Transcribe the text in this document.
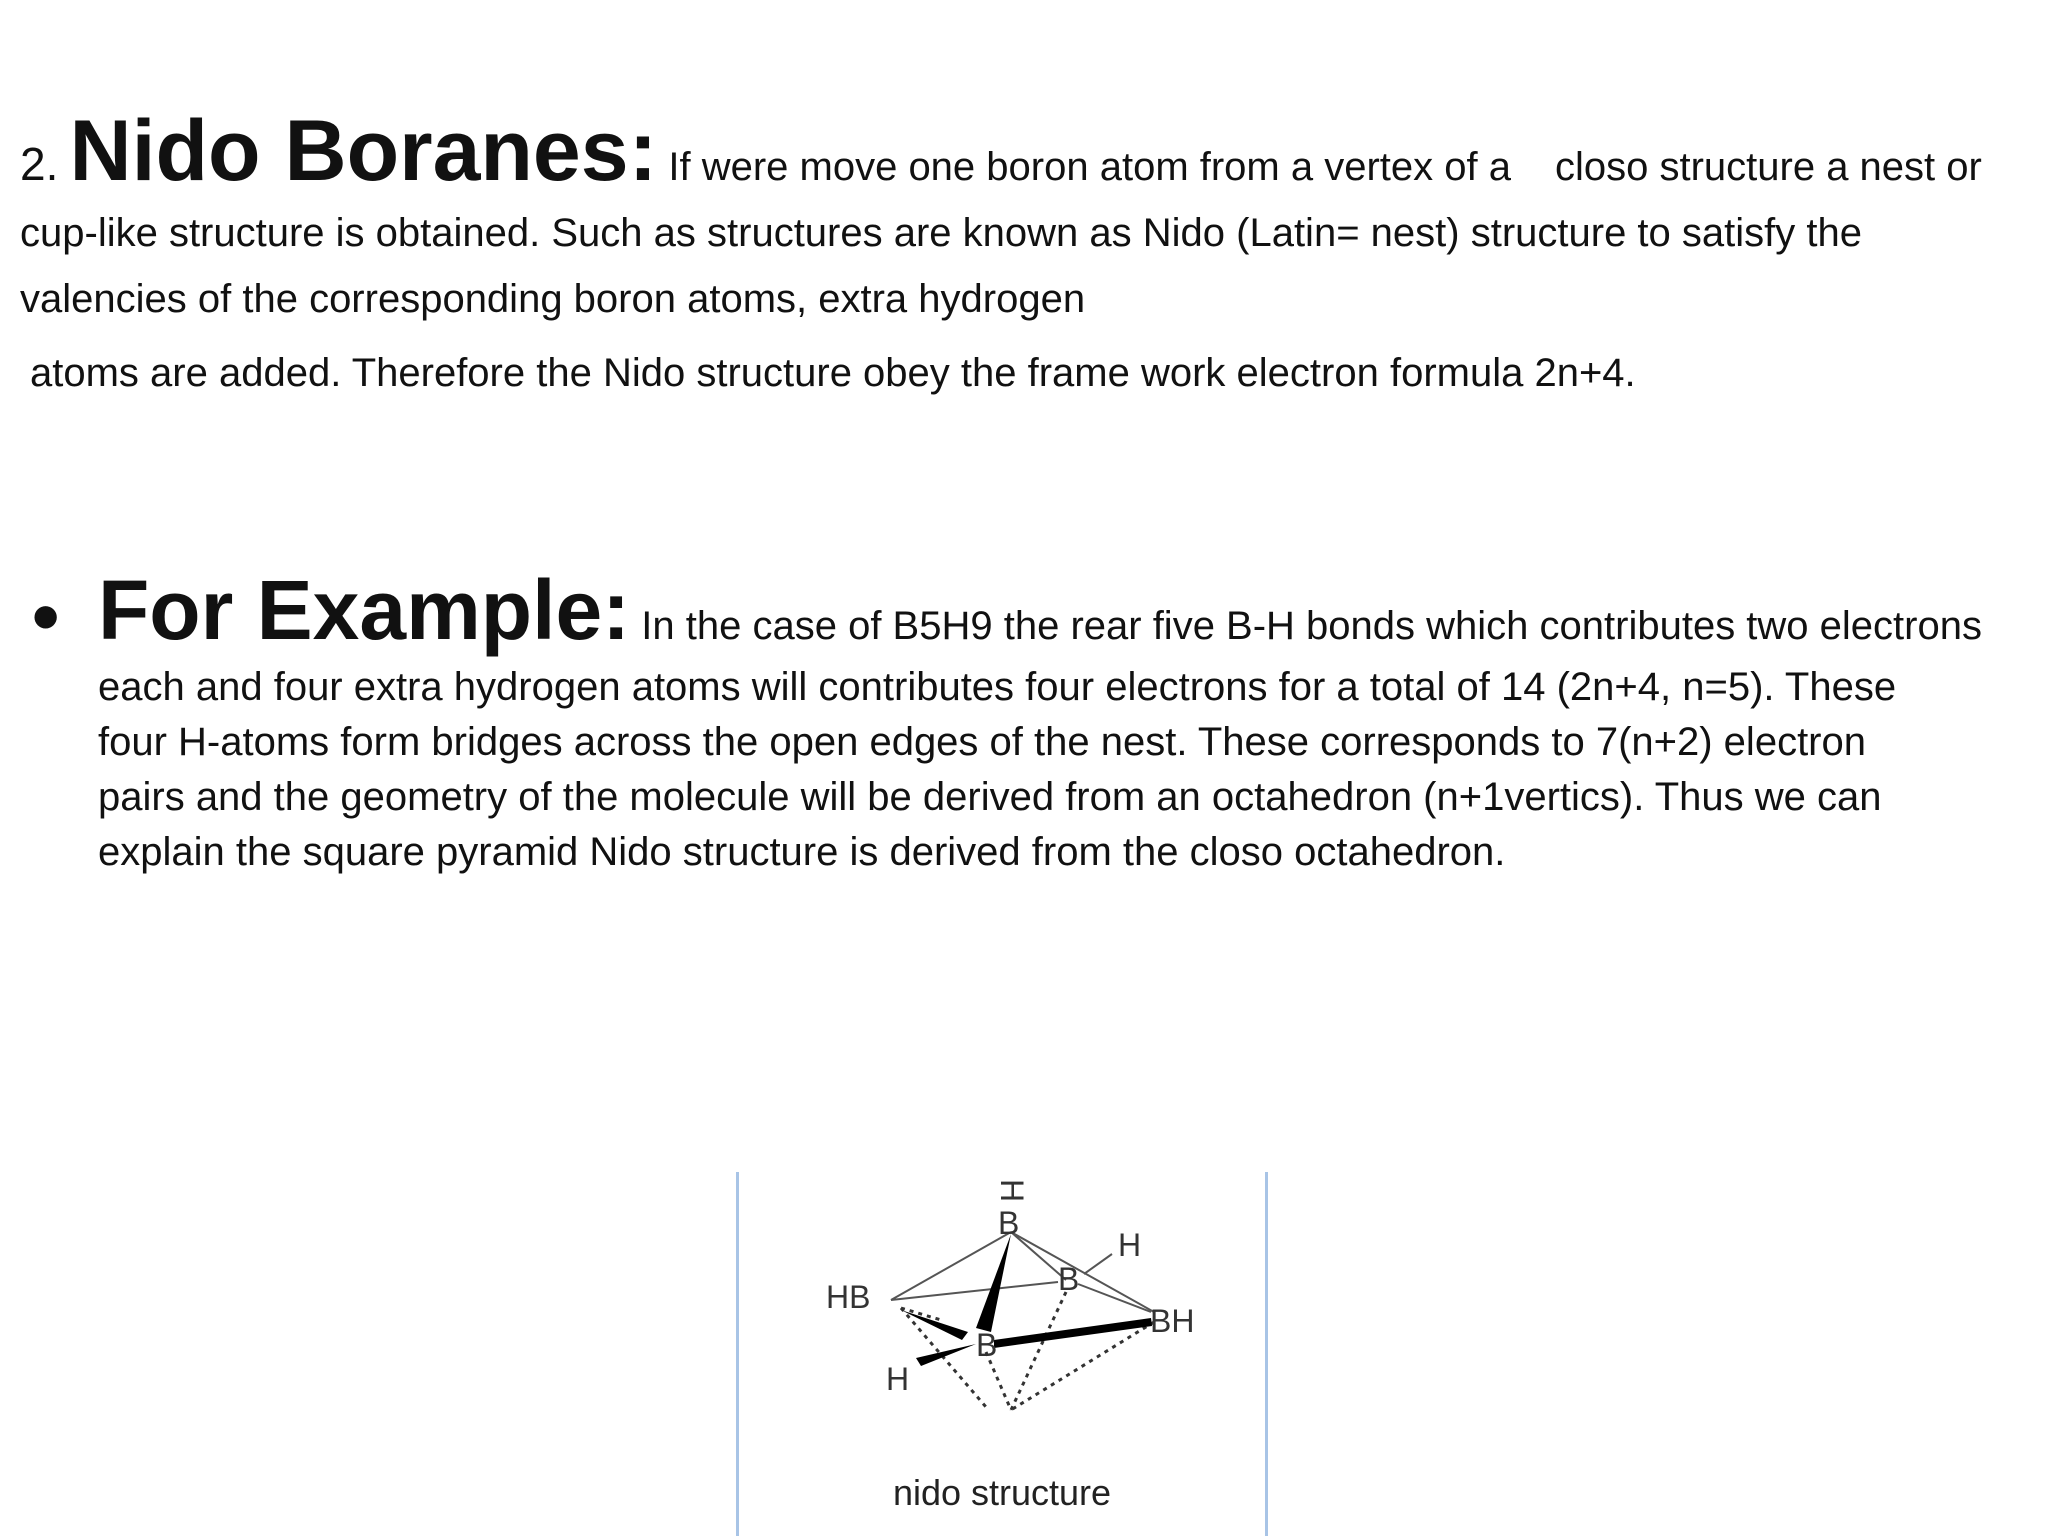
2. Nido Boranes: If were move one boron atom from a vertex of a closo structure a nest or
cup-like structure is obtained. Such as structures are known as Nido (Latin= nest) structure to satisfy the
valencies of the corresponding boron atoms, extra hydrogen

atoms are added. Therefore the Nido structure obey the frame work electron formula 2n+4.

• For Example: In the case of B5H9 the rear five B-H bonds which contributes two electrons
each and four extra hydrogen atoms will contributes four electrons for a total of 14 (2n+4, n=5). These
four H-atoms form bridges across the open edges of the nest. These corresponds to 7(n+2) electron
pairs and the geometry of the molecule will be derived from an octahedron (n+1vertics). Thus we can
explain the square pyramid Nido structure is derived from the closo octahedron.

H
B
H
B
HB
BH
B
H
nido structure
